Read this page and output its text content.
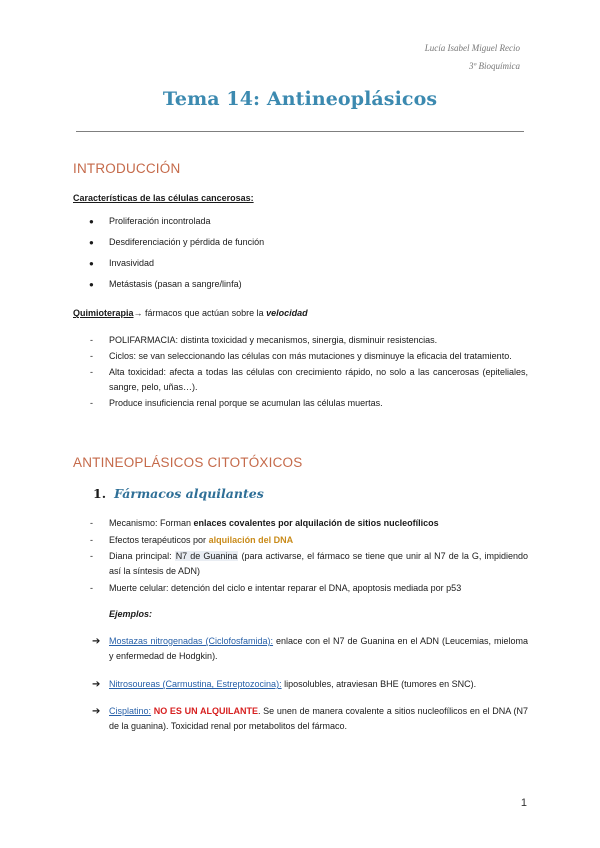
Lucía Isabel Miguel Recio
3º Bioquímica
Tema 14: Antineoplásicos
INTRODUCCIÓN
Características de las células cancerosas:
● Proliferación incontrolada
● Desdiferenciación y pérdida de función
● Invasividad
● Metástasis (pasan a sangre/linfa)
Quimioterapia→ fármacos que actúan sobre la velocidad
- POLIFARMACIA: distinta toxicidad y mecanismos, sinergia, disminuir resistencias.
- Ciclos: se van seleccionando las células con más mutaciones y disminuye la eficacia del tratamiento.
- Alta toxicidad: afecta a todas las células con crecimiento rápido, no solo a las cancerosas (epiteliales, sangre, pelo, uñas…).
- Produce insuficiencia renal porque se acumulan las células muertas.
ANTINEOPLÁSICOS CITOTÓXICOS
1. Fármacos alquilantes
- Mecanismo: Forman enlaces covalentes por alquilación de sitios nucleofílicos
- Efectos terapéuticos por alquilación del DNA
- Diana principal: N7 de Guanina (para activarse, el fármaco se tiene que unir al N7 de la G, impidiendo así la síntesis de ADN)
- Muerte celular: detención del ciclo e intentar reparar el DNA, apoptosis mediada por p53
Ejemplos:
➔ Mostazas nitrogenadas (Ciclofosfamida): enlace con el N7 de Guanina en el ADN (Leucemias, mieloma y enfermedad de Hodgkin).
➔ Nitrosoureas (Carmustina, Estreptozocina): liposolubles, atraviesan BHE (tumores en SNC).
➔ Cisplatino: NO ES UN ALQUILANTE. Se unen de manera covalente a sitios nucleofílicos en el DNA (N7 de la guanina). Toxicidad renal por metabolitos del fármaco.
1
